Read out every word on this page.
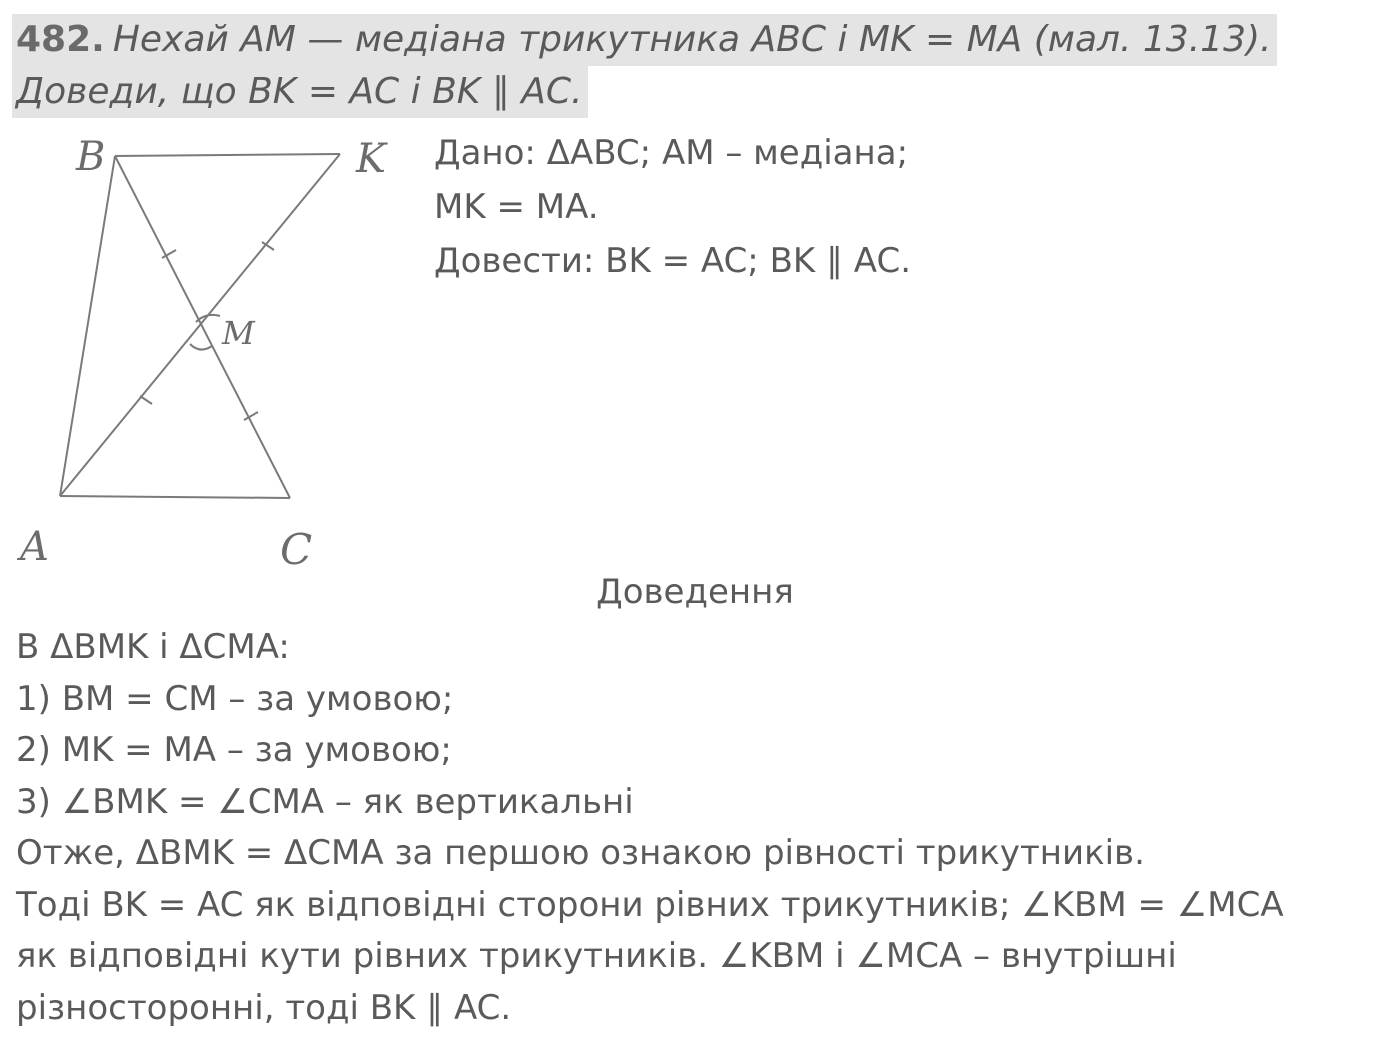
482. Нехай AM — медіана трикутника ABC і MK = MA (мал. 13.13).
Доведи, що BK = AC і BK ∥ AC.
B	K
A	C
M
Дано: ΔABC; AM – медіана;
MK = MA.
Довести: BK = AC; BK ∥ AC.
Доведення
В ΔBMK і ΔCMA:
1) BM = CM – за умовою;
2) MK = MA – за умовою;
3) ∠BMK = ∠CMA – як вертикальні
Отже, ΔBMK = ΔCMA за першою ознакою рівності трикутників.
Тоді BK = AC як відповідні сторони рівних трикутників; ∠KBM = ∠MCA
як відповідні кути рівних трикутників. ∠KBM і ∠MCA – внутрішні
різносторонні, тоді BK ∥ AC.
